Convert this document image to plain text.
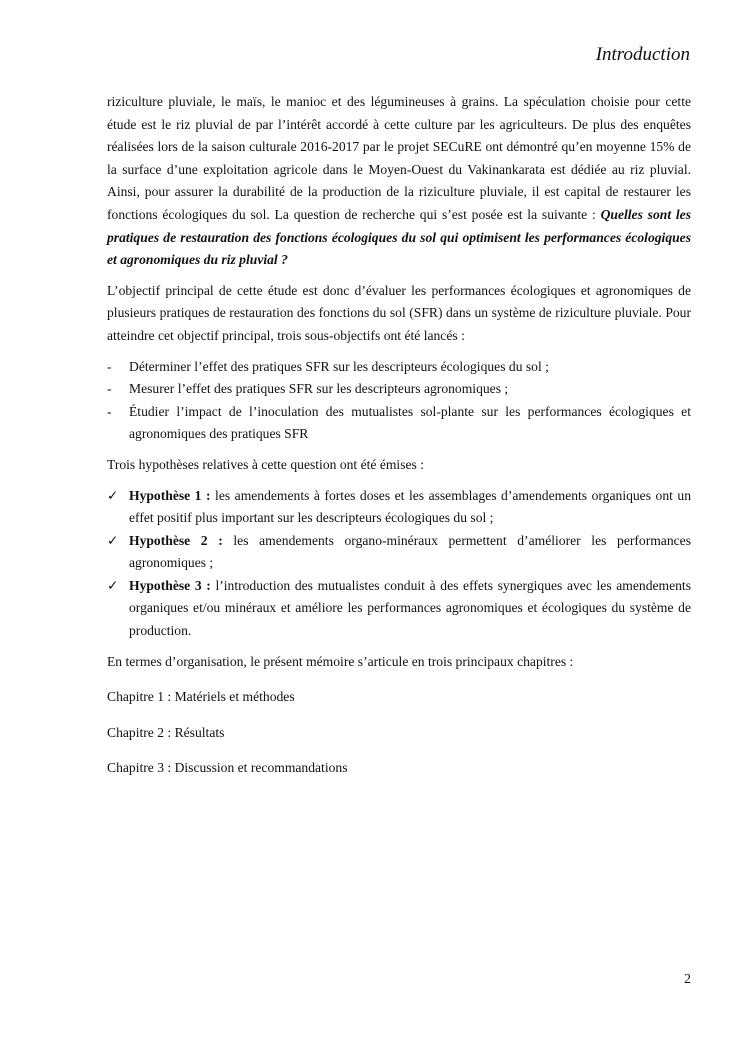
Introduction

riziculture pluviale, le maïs, le manioc et des légumineuses à grains. La spéculation choisie pour cette étude est le riz pluvial de par l’intérêt accordé à cette culture par les agriculteurs. De plus des enquêtes réalisées lors de la saison culturale 2016-2017 par le projet SECuRE ont démontré qu’en moyenne 15% de la surface d’une exploitation agricole dans le Moyen-Ouest du Vakinankarata est dédiée au riz pluvial. Ainsi, pour assurer la durabilité de la production de la riziculture pluviale, il est capital de restaurer les fonctions écologiques du sol. La question de recherche qui s’est posée est la suivante : Quelles sont les pratiques de restauration des fonctions écologiques du sol qui optimisent les performances écologiques et agronomiques du riz pluvial ?

L’objectif principal de cette étude est donc d’évaluer les performances écologiques et agronomiques de plusieurs pratiques de restauration des fonctions du sol (SFR) dans un système de riziculture pluviale. Pour atteindre cet objectif principal, trois sous-objectifs ont été lancés :

- Déterminer l’effet des pratiques SFR sur les descripteurs écologiques du sol ;
- Mesurer l’effet des pratiques SFR sur les descripteurs agronomiques ;
- Étudier l’impact de l’inoculation des mutualistes sol-plante sur les performances écologiques et agronomiques des pratiques SFR

Trois hypothèses relatives à cette question ont été émises :

✓ Hypothèse 1 : les amendements à fortes doses et les assemblages d’amendements organiques ont un effet positif plus important sur les descripteurs écologiques du sol ;
✓ Hypothèse 2 : les amendements organo-minéraux permettent d’améliorer les performances agronomiques ;
✓ Hypothèse 3 : l’introduction des mutualistes conduit à des effets synergiques avec les amendements organiques et/ou minéraux et améliore les performances agronomiques et écologiques du système de production.

En termes d’organisation, le présent mémoire s’articule en trois principaux chapitres :

Chapitre 1 : Matériels et méthodes

Chapitre 2 : Résultats

Chapitre 3 : Discussion et recommandations

2
